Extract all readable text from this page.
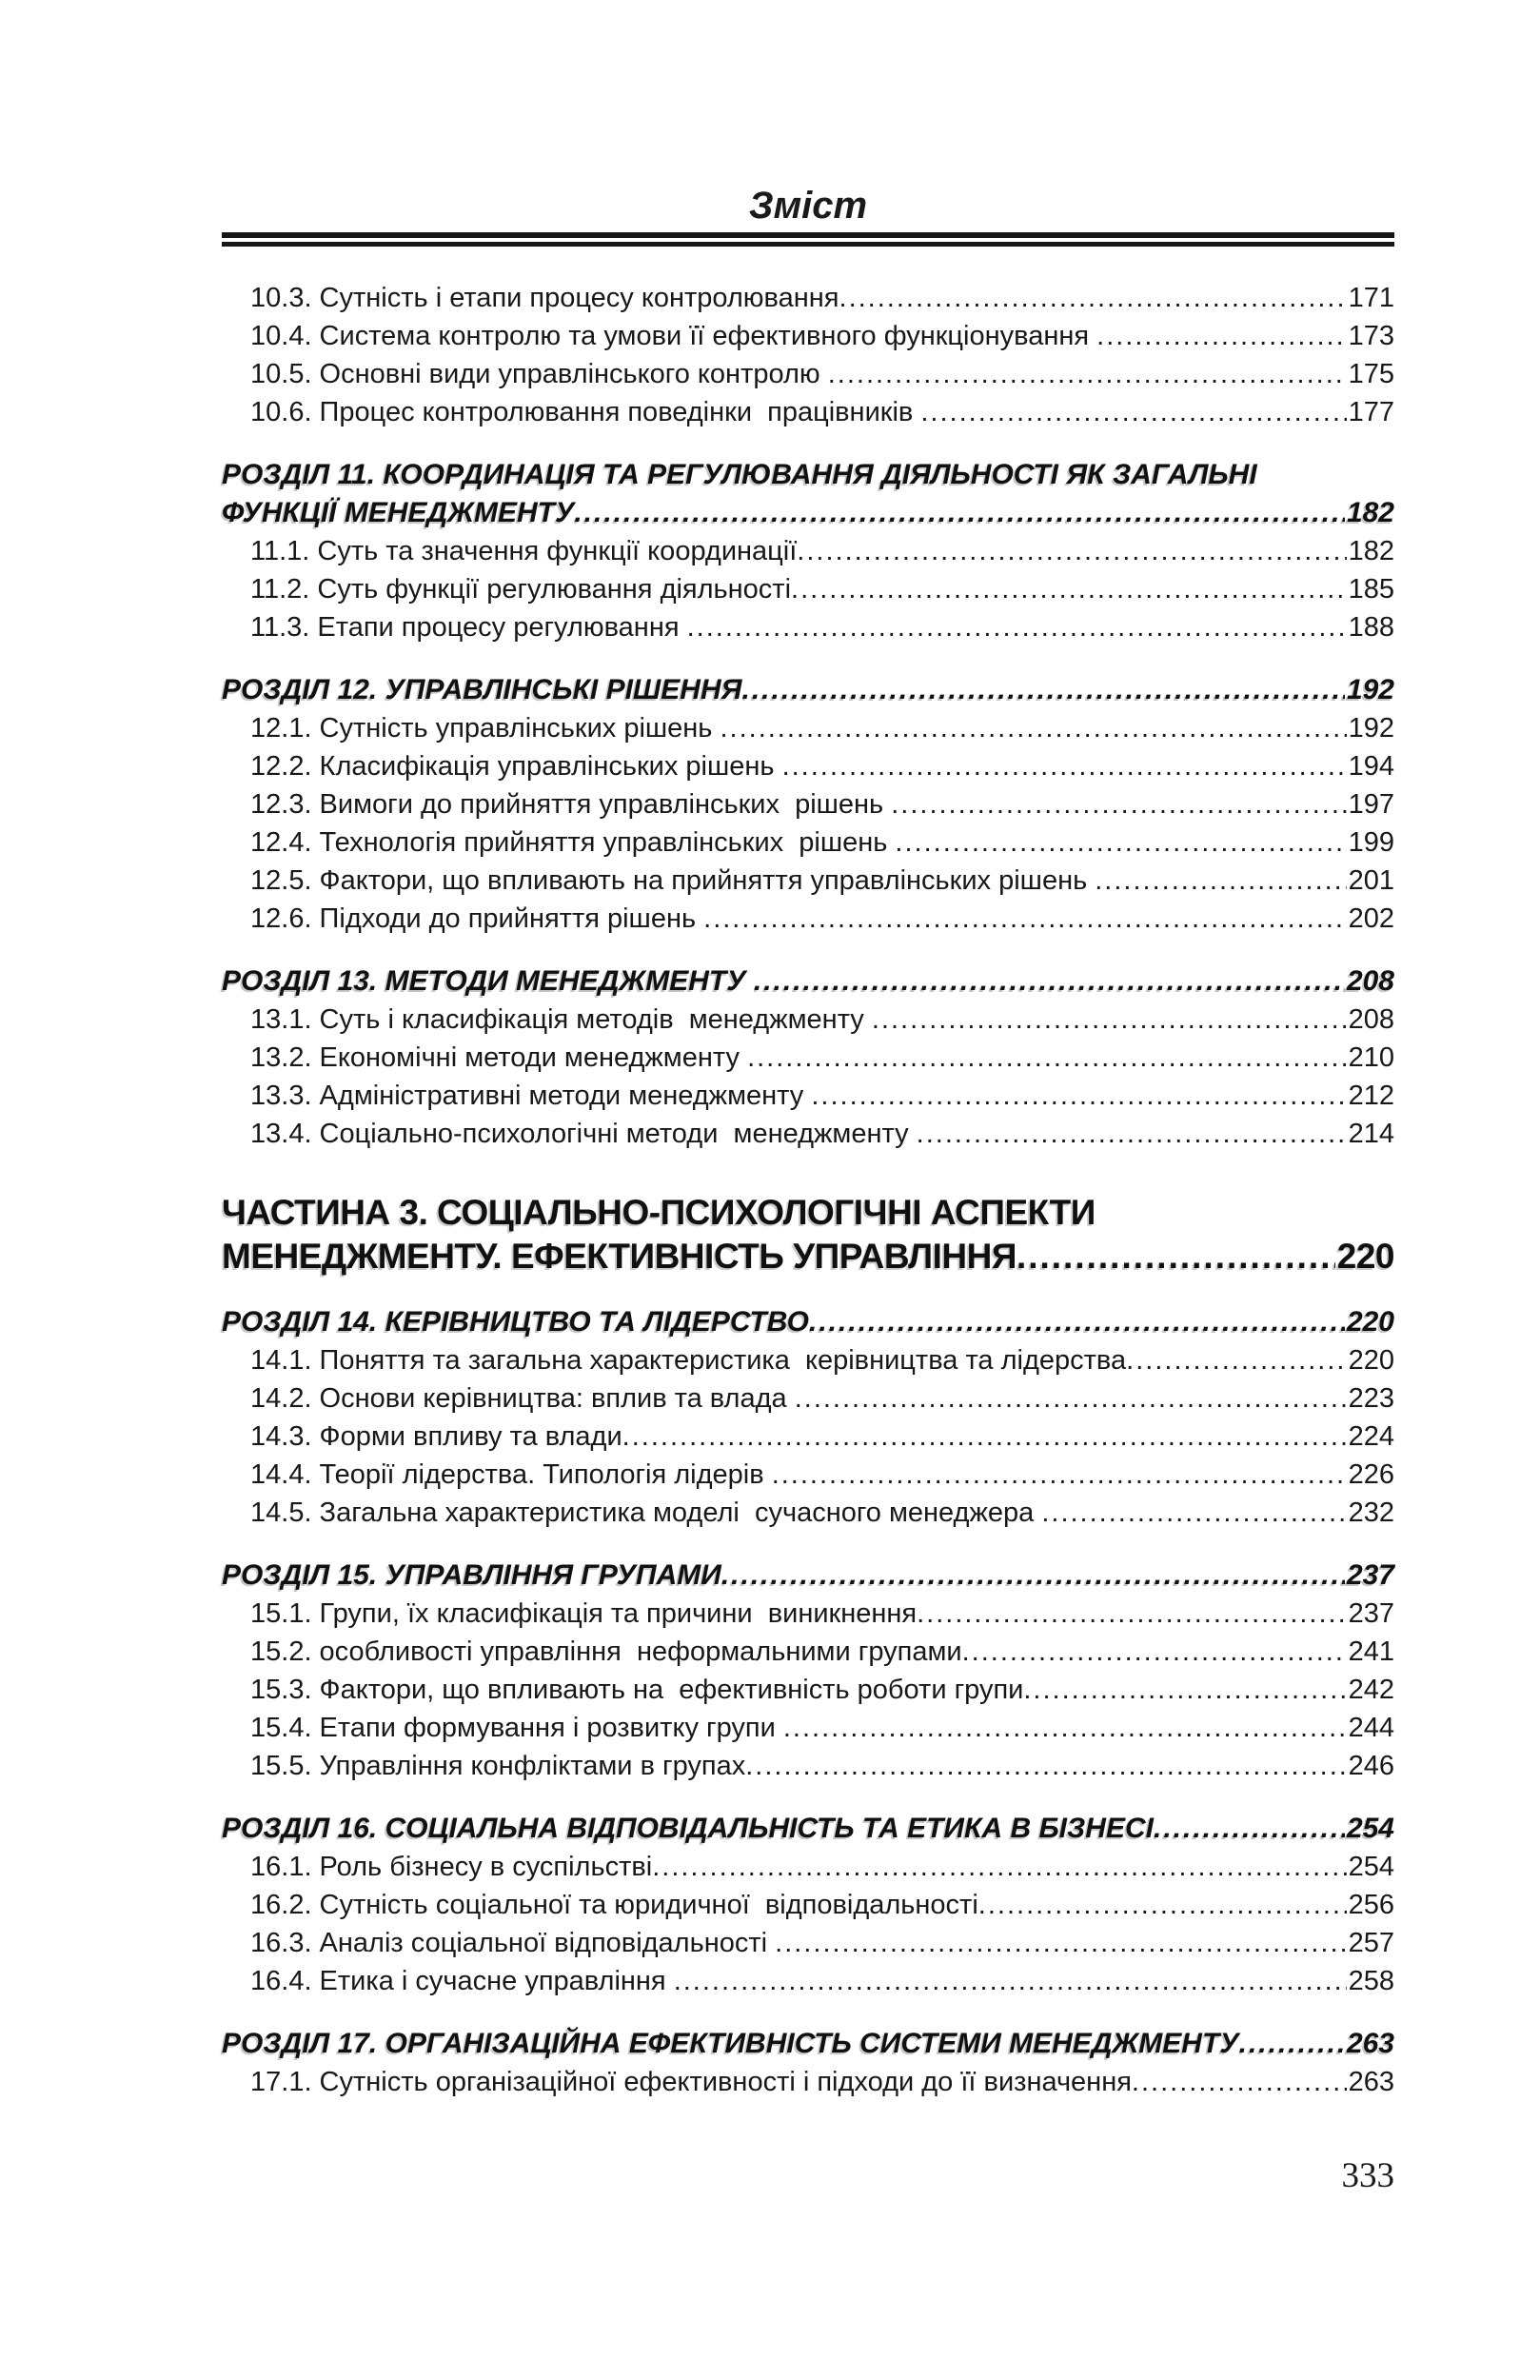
Зміст
10.3. Сутність і етапи процесу контролювання .....	171
10.4. Система контролю та умови її ефективного функціонування .....	173
10.5. Основні види управлінського контролю .....	175
10.6. Процес контролювання поведінки  працівників .....	177
РОЗДІЛ 11. КООРДИНАЦІЯ ТА РЕГУЛЮВАННЯ ДІЯЛЬНОСТІ ЯК ЗАГАЛЬНІ
ФУНКЦІЇ МЕНЕДЖМЕНТУ .....	182
11.1. Суть та значення функції координації .....	182
11.2. Суть функції регулювання діяльності .....	185
11.3. Етапи процесу регулювання .....	188
РОЗДІЛ 12. УПРАВЛІНСЬКІ РІШЕННЯ .....	192
12.1. Сутність управлінських рішень .....	192
12.2. Класифікація управлінських рішень .....	194
12.3. Вимоги до прийняття управлінських  рішень .....	197
12.4. Технологія прийняття управлінських  рішень .....	199
12.5. Фактори, що впливають на прийняття управлінських рішень .....	201
12.6. Підходи до прийняття рішень .....	202
РОЗДІЛ 13. МЕТОДИ МЕНЕДЖМЕНТУ .....	208
13.1. Суть і класифікація методів  менеджменту .....	208
13.2. Економічні методи менеджменту .....	210
13.3. Адміністративні методи менеджменту .....	212
13.4. Соціально-психологічні методи  менеджменту .....	214
ЧАСТИНА 3. СОЦІАЛЬНО-ПСИХОЛОГІЧНІ АСПЕКТИ
МЕНЕДЖМЕНТУ. ЕФЕКТИВНІСТЬ УПРАВЛІННЯ .....	220
РОЗДІЛ 14. КЕРІВНИЦТВО ТА ЛІДЕРСТВО .....	220
14.1. Поняття та загальна характеристика  керівництва та лідерства .....	220
14.2. Основи керівництва: вплив та влада .....	223
14.3. Форми впливу та влади .....	224
14.4. Теорії лідерства. Типологія лідерів .....	226
14.5. Загальна характеристика моделі  сучасного менеджера .....	232
РОЗДІЛ 15. УПРАВЛІННЯ ГРУПАМИ .....	237
15.1. Групи, їх класифікація та причини  виникнення .....	237
15.2. особливості управління  неформальними групами .....	241
15.3. Фактори, що впливають на  ефективність роботи групи .....	242
15.4. Етапи формування і розвитку групи .....	244
15.5. Управління конфліктами в групах .....	246
РОЗДІЛ 16. СОЦІАЛЬНА ВІДПОВІДАЛЬНІСТЬ ТА ЕТИКА В БІЗНЕСІ .....	254
16.1. Роль бізнесу в суспільстві .....	254
16.2. Сутність соціальної та юридичної  відповідальності .....	256
16.3. Аналіз соціальної відповідальності .....	257
16.4. Етика і сучасне управління .....	258
РОЗДІЛ 17. ОРГАНІЗАЦІЙНА ЕФЕКТИВНІСТЬ СИСТЕМИ МЕНЕДЖМЕНТУ .....	263
17.1. Сутність організаційної ефективності і підходи до її визначення .....	263
333
